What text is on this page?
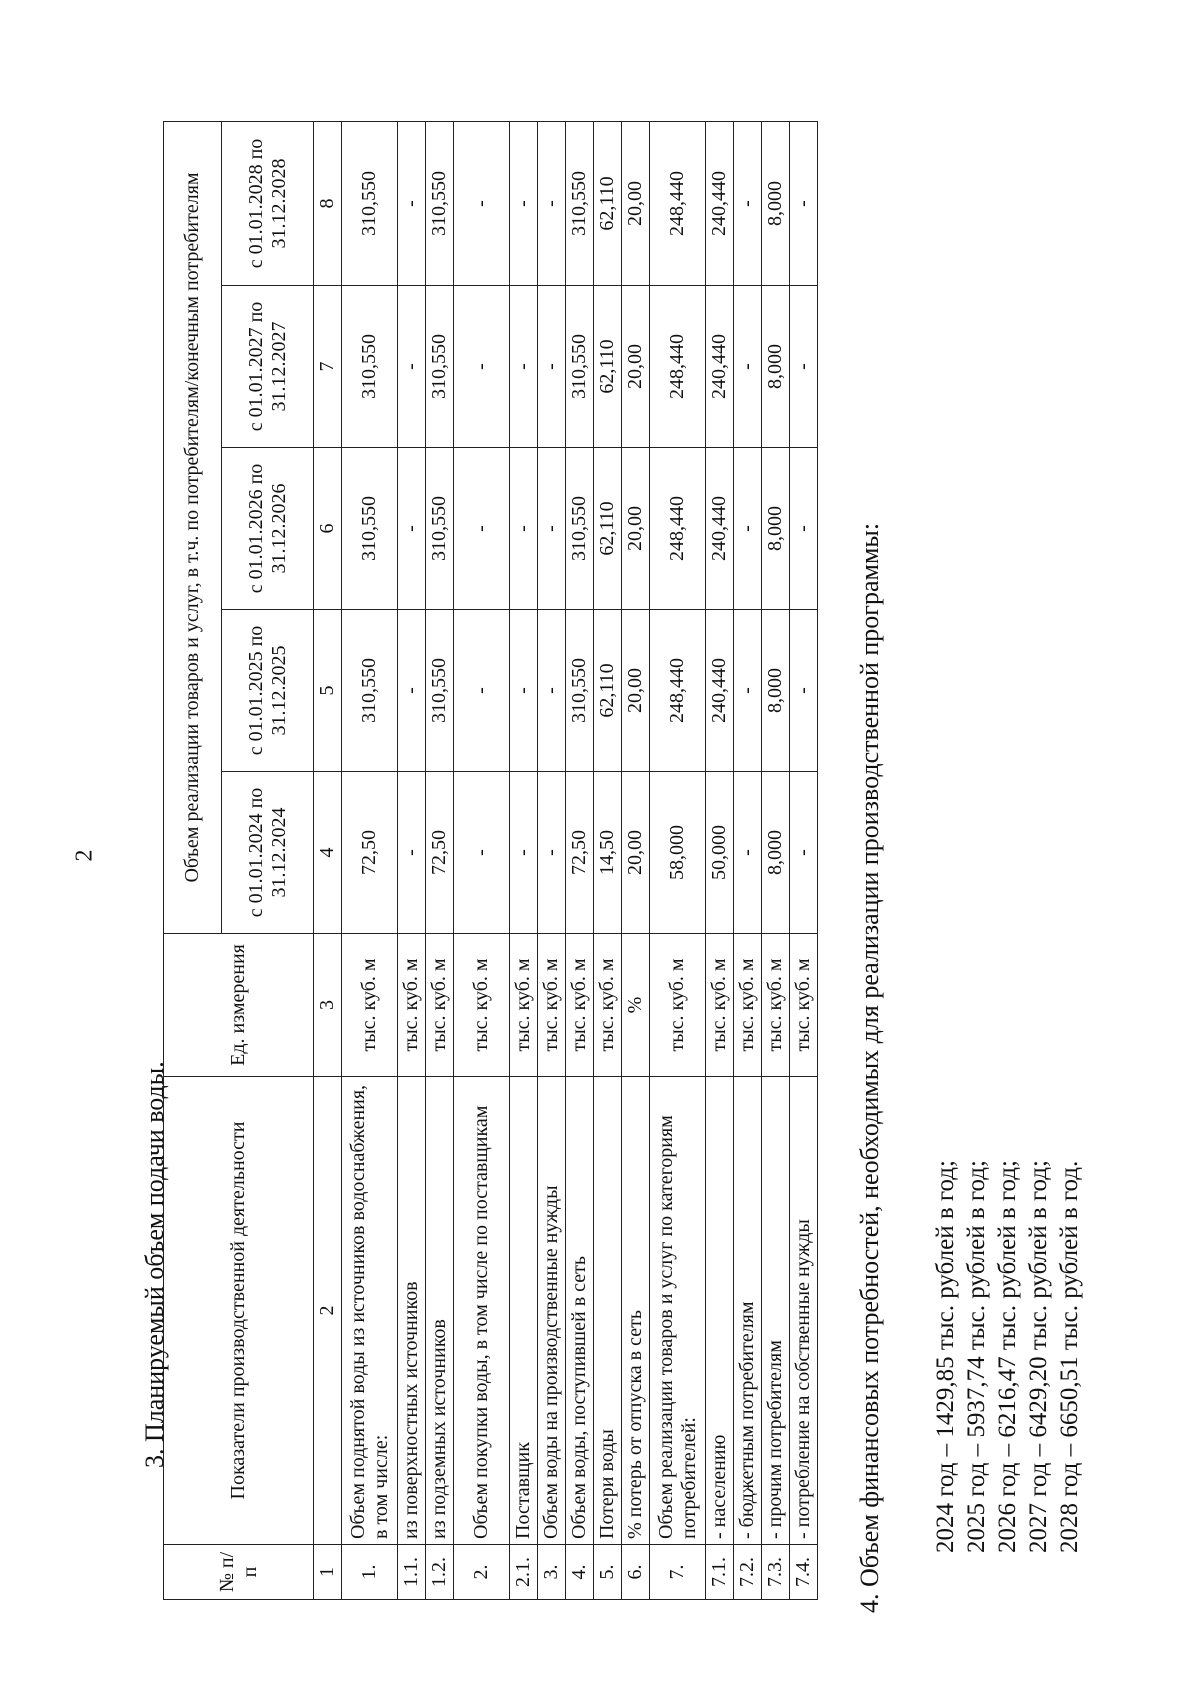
2
3. Планируемый объем подачи воды.
№ п/п	Показатели производственной деятельности	Ед. измерения	Объем реализации товаров и услуг, в т.ч. по потребителям/конечным потребителям				
			с 01.01.2024 по 31.12.2024	с 01.01.2025 по 31.12.2025	с 01.01.2026 по 31.12.2026	с 01.01.2027 по 31.12.2027	с 01.01.2028 по 31.12.2028
1	2	3	4	5	6	7	8
1.	Объем поднятой воды из источников водоснабжения, в том числе:	тыс. куб. м	72,50	310,550	310,550	310,550	310,550
1.1.	из поверхностных источников	тыс. куб. м	-	-	-	-	-
1.2.	из подземных источников	тыс. куб. м	72,50	310,550	310,550	310,550	310,550
2.	Объем покупки воды, в том числе по поставщикам	тыс. куб. м	-	-	-	-	-
2.1.	Поставщик	тыс. куб. м	-	-	-	-	-
3.	Объем воды на производственные нужды	тыс. куб. м	-	-	-	-	-
4.	Объем воды, поступившей в сеть	тыс. куб. м	72,50	310,550	310,550	310,550	310,550
5.	Потери воды	тыс. куб. м	14,50	62,110	62,110	62,110	62,110
6.	% потерь от отпуска в сеть	%	20,00	20,00	20,00	20,00	20,00
7.	Объем реализации товаров и услуг по категориям потребителей:	тыс. куб. м	58,000	248,440	248,440	248,440	248,440
7.1.	- населению	тыс. куб. м	50,000	240,440	240,440	240,440	240,440
7.2.	- бюджетным потребителям	тыс. куб. м	-	-	-	-	-
7.3.	- прочим потребителям	тыс. куб. м	8,000	8,000	8,000	8,000	8,000
7.4.	- потребление на собственные нужды	тыс. куб. м	-	-	-	-	-
4. Объем финансовых потребностей, необходимых для реализации производственной программы: 2024 год – 1429,85 тыс. рублей в год; 2025 год – 5937,74 тыс. рублей в год; 2026 год – 6216,47 тыс. рублей в год; 2027 год – 6429,20 тыс. рублей в год; 2028 год – 6650,51 тыс. рублей в год.
